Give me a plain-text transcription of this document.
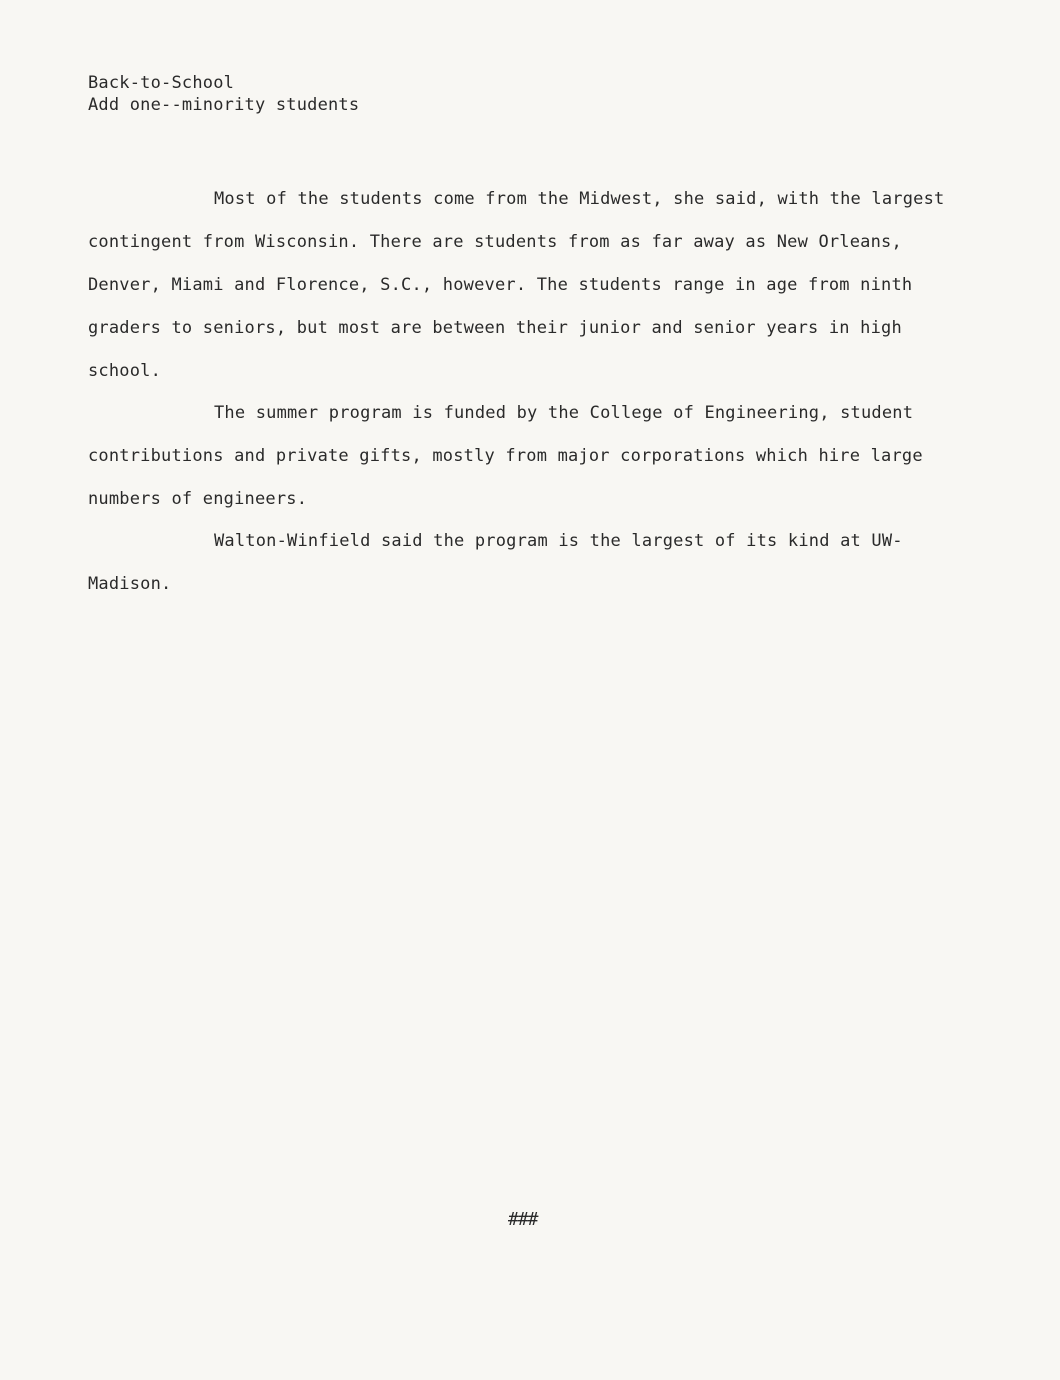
Back-to-School
Add one--minority students
Most of the students come from the Midwest, she said, with the largest
contingent from Wisconsin. There are students from as far away as New Orleans,
Denver, Miami and Florence, S.C., however. The students range in age from ninth
graders to seniors, but most are between their junior and senior years in high
school.
The summer program is funded by the College of Engineering, student
contributions and private gifts, mostly from major corporations which hire large
numbers of engineers.
Walton-Winfield said the program is the largest of its kind at UW-
Madison.
###
